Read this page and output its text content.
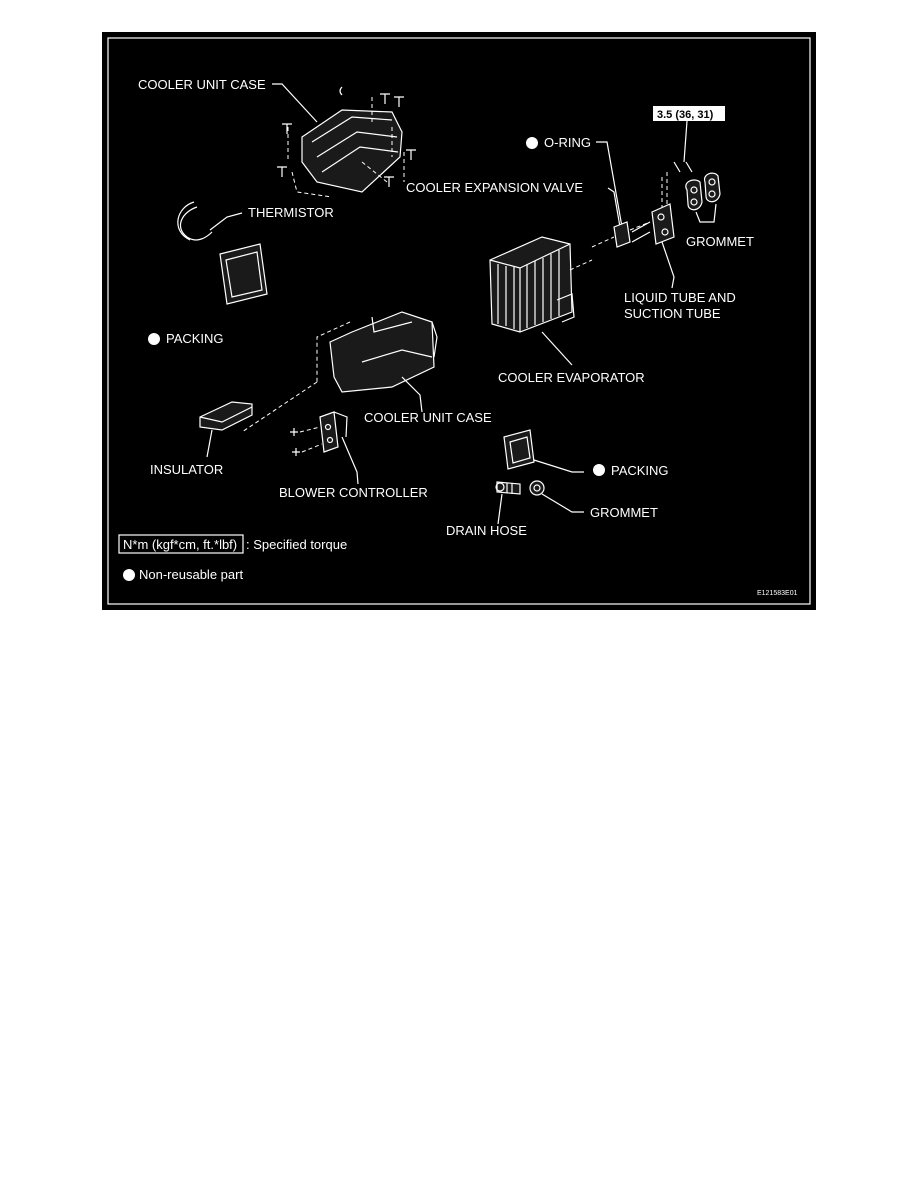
COOLER UNIT CASE
THERMISTOR
PACKING
O-RING
COOLER EXPANSION VALVE
3.5 (36, 31)
GROMMET
LIQUID TUBE AND
SUCTION TUBE
COOLER EVAPORATOR
COOLER UNIT CASE
INSULATOR
BLOWER CONTROLLER
PACKING
DRAIN HOSE
GROMMET
N*m (kgf*cm, ft.*lbf) : Specified torque
Non-reusable part
E121583E01
